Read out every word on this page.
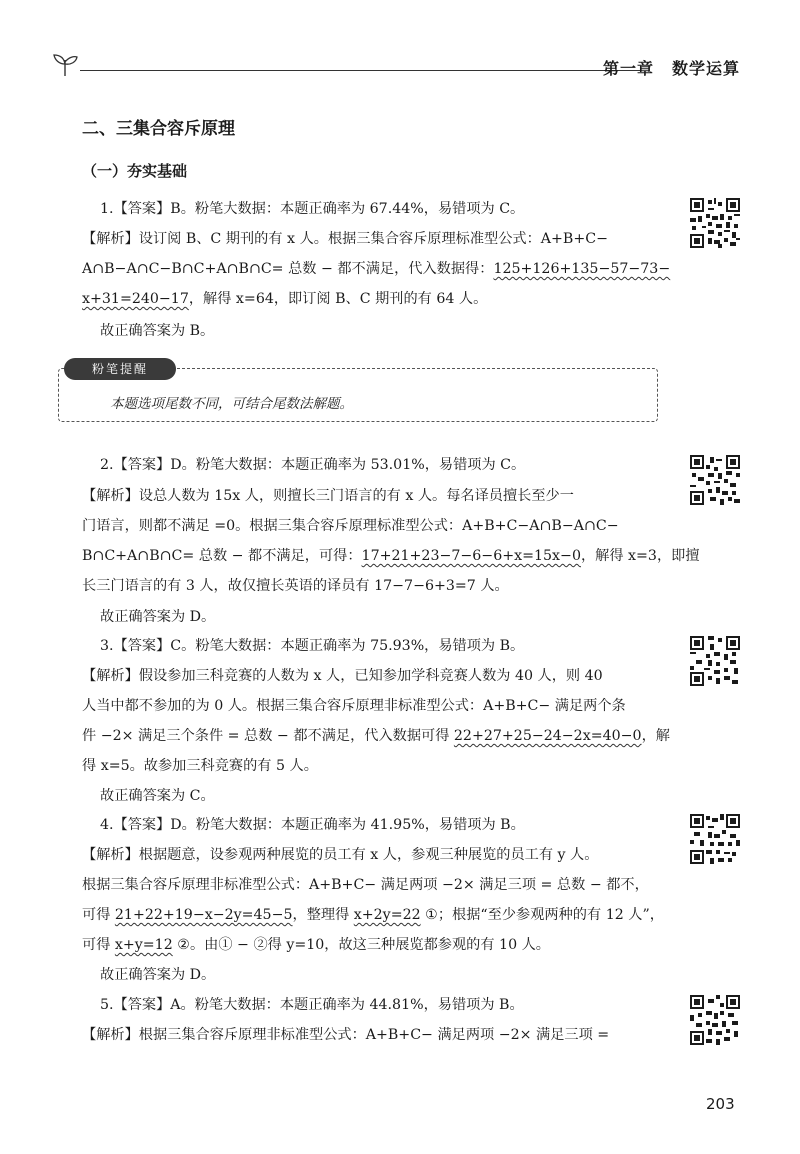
第一章 数学运算
二、三集合容斥原理
（一）夯实基础
1.【答案】B。粉笔大数据：本题正确率为 67.44%，易错项为 C。
【解析】设订阅 B、C 期刊的有 x 人。根据三集合容斥原理标准型公式：A+B+C−
A∩B−A∩C−B∩C+A∩B∩C= 总数 − 都不满足，代入数据得：125+126+135−57−73−
x+31=240−17，解得 x=64，即订阅 B、C 期刊的有 64 人。
故正确答案为 B。
粉笔提醒
本题选项尾数不同，可结合尾数法解题。
2.【答案】D。粉笔大数据：本题正确率为 53.01%，易错项为 C。
【解析】设总人数为 15x 人，则擅长三门语言的有 x 人。每名译员擅长至少一
门语言，则都不满足 =0。根据三集合容斥原理标准型公式：A+B+C−A∩B−A∩C−
B∩C+A∩B∩C= 总数 − 都不满足，可得：17+21+23−7−6−6+x=15x−0，解得 x=3，即擅
长三门语言的有 3 人，故仅擅长英语的译员有 17−7−6+3=7 人。
故正确答案为 D。
3.【答案】C。粉笔大数据：本题正确率为 75.93%，易错项为 B。
【解析】假设参加三科竞赛的人数为 x 人，已知参加学科竞赛人数为 40 人，则 40
人当中都不参加的为 0 人。根据三集合容斥原理非标准型公式：A+B+C− 满足两个条
件 −2× 满足三个条件 = 总数 − 都不满足，代入数据可得 22+27+25−24−2x=40−0，解
得 x=5。故参加三科竞赛的有 5 人。
故正确答案为 C。
4.【答案】D。粉笔大数据：本题正确率为 41.95%，易错项为 B。
【解析】根据题意，设参观两种展览的员工有 x 人，参观三种展览的员工有 y 人。
根据三集合容斥原理非标准型公式：A+B+C− 满足两项 −2× 满足三项 = 总数 − 都不，
可得 21+22+19−x−2y=45−5，整理得 x+2y=22 ①；根据“至少参观两种的有 12 人”，
可得 x+y=12 ②。由① − ②得 y=10，故这三种展览都参观的有 10 人。
故正确答案为 D。
5.【答案】A。粉笔大数据：本题正确率为 44.81%，易错项为 B。
【解析】根据三集合容斥原理非标准型公式：A+B+C− 满足两项 −2× 满足三项 =
203
